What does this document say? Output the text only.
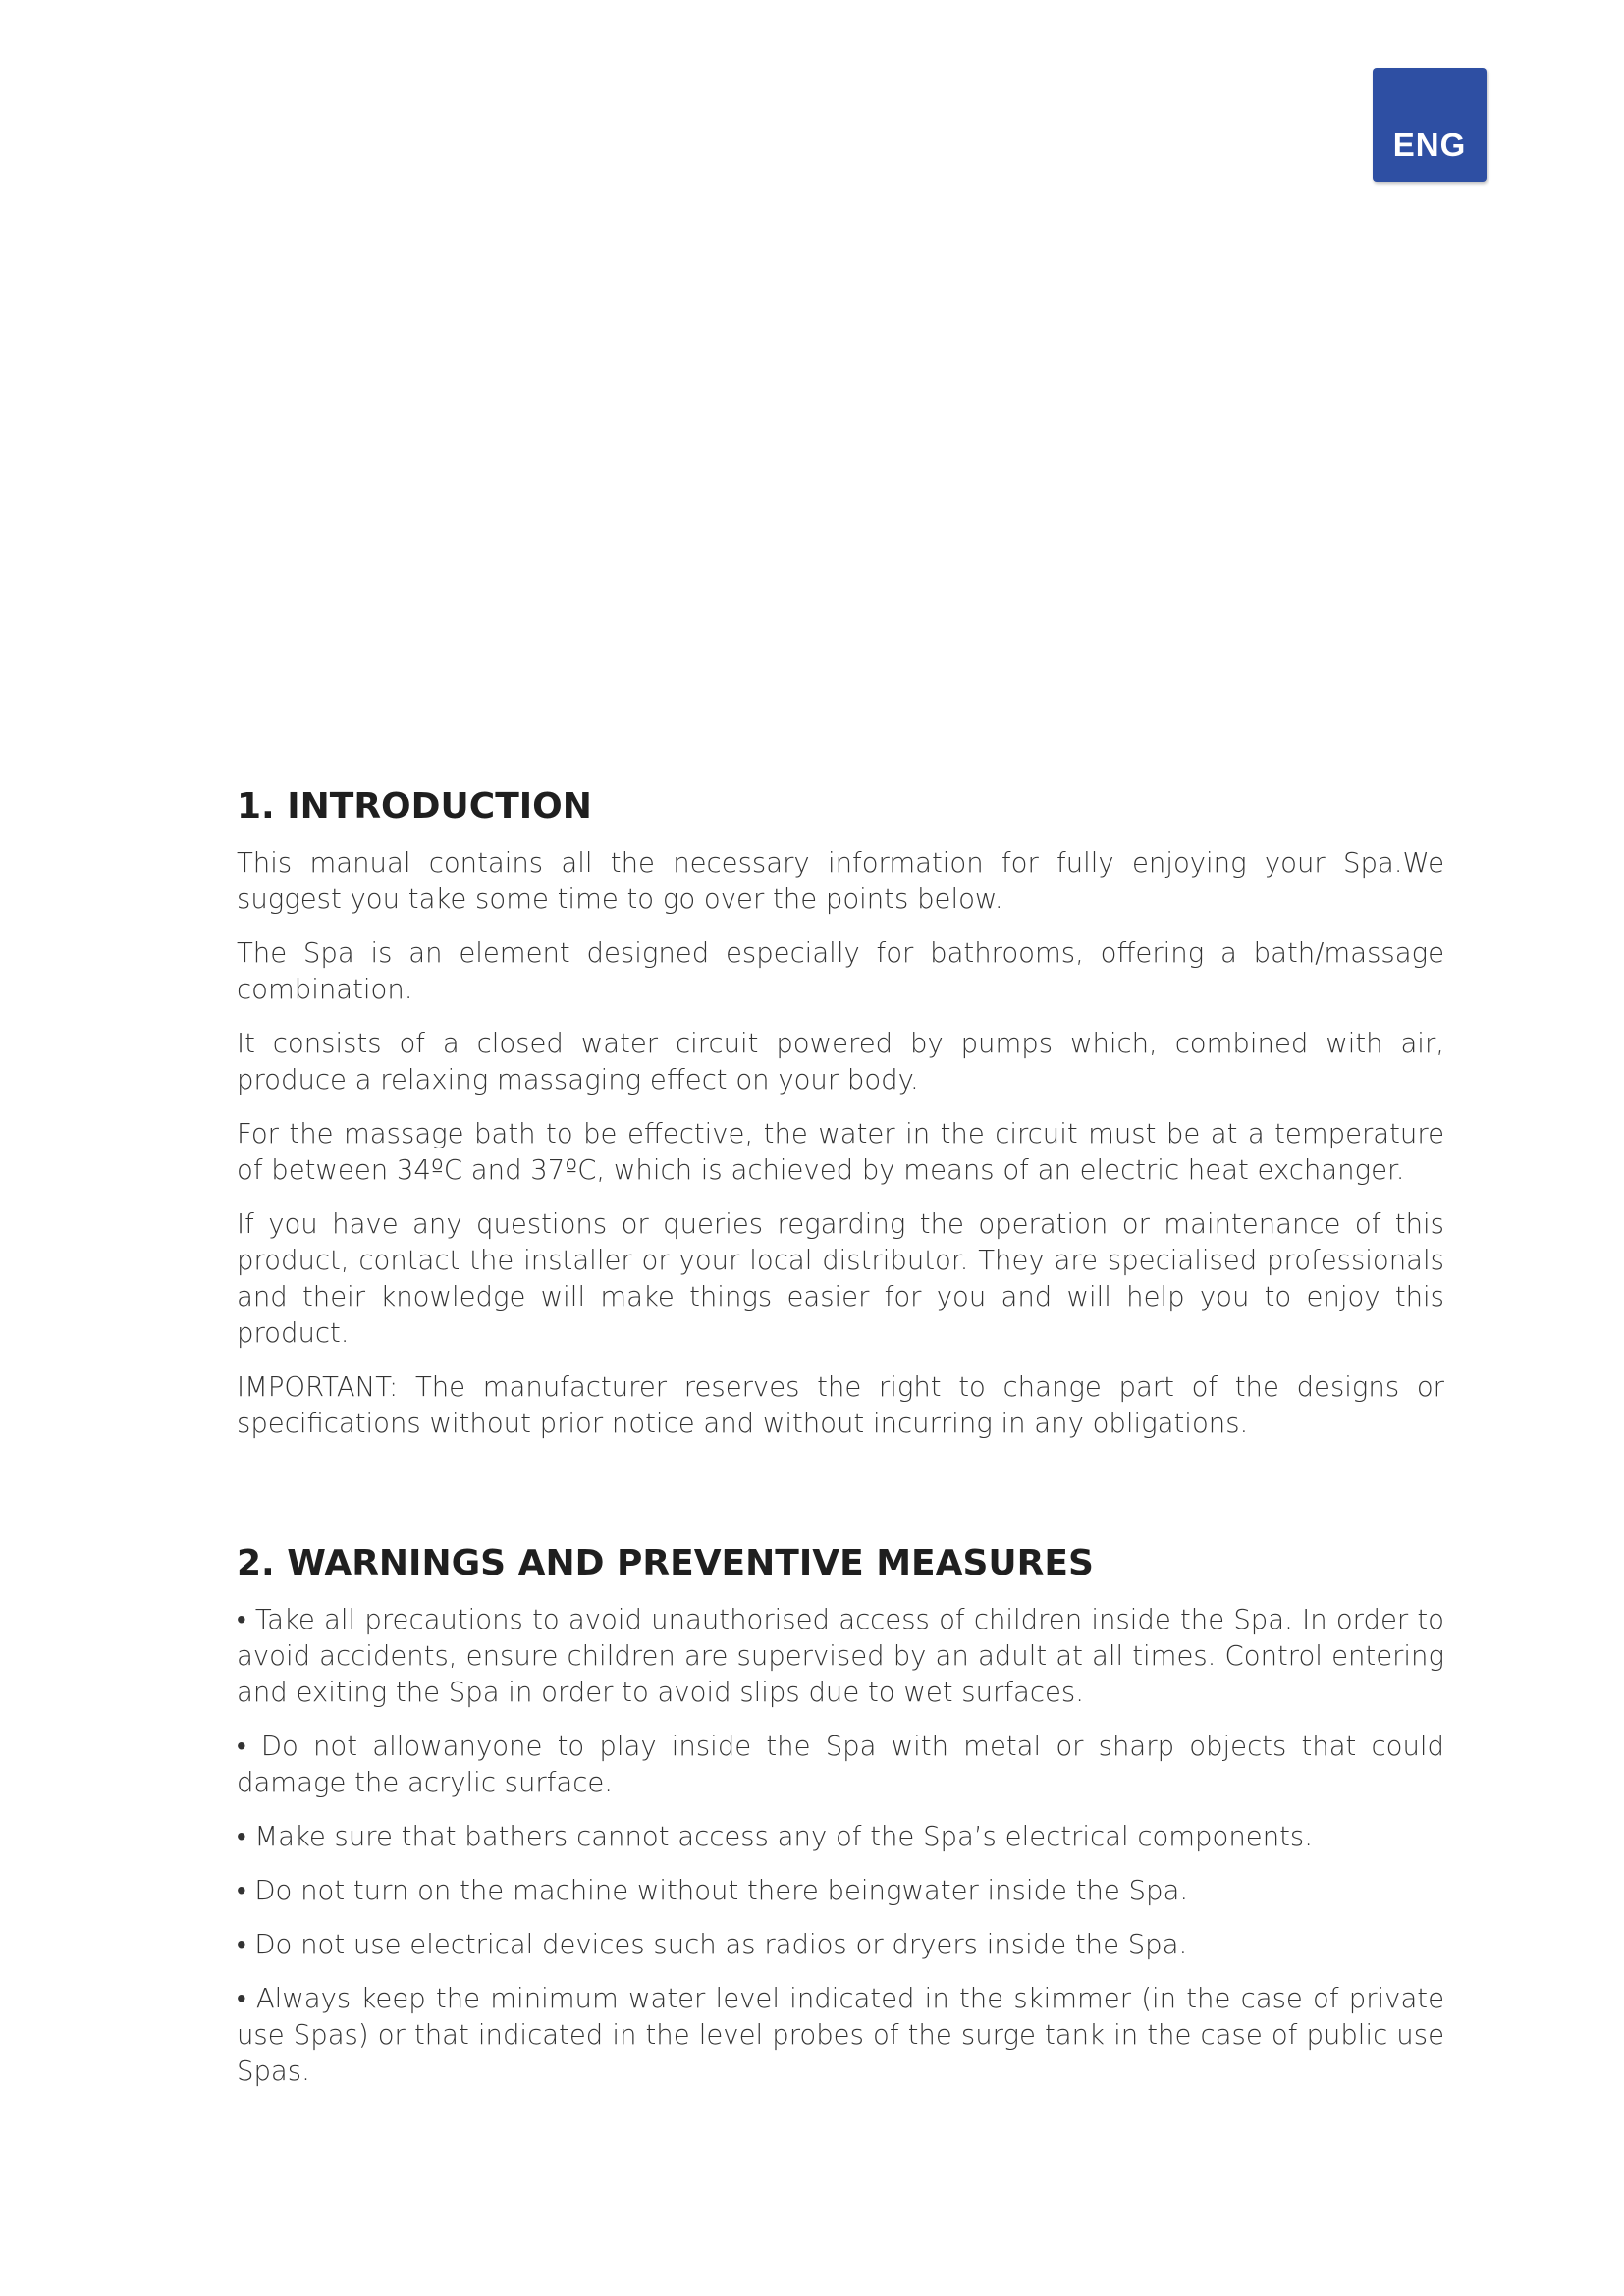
ENG
1. INTRODUCTION

This manual contains all the necessary information for fully enjoying your Spa.We suggest you take some time to go over the points below.

The Spa is an element designed especially for bathrooms, offering a bath/massage combination.

It consists of a closed water circuit powered by pumps which, combined with air, produce a relaxing massaging effect on your body.

For the massage bath to be effective, the water in the circuit must be at a temperature of between 34ºC and 37ºC, which is achieved by means of an electric heat exchanger.

If you have any questions or queries regarding the operation or maintenance of this product, contact the installer or your local distributor. They are specialised professionals and their knowledge will make things easier for you and will help you to enjoy this product.

IMPORTANT: The manufacturer reserves the right to change part of the designs or specifications without prior notice and without incurring in any obligations.

2. WARNINGS AND PREVENTIVE MEASURES

• Take all precautions to avoid unauthorised access of children inside the Spa. In order to avoid accidents, ensure children are supervised by an adult at all times. Control entering and exiting the Spa in order to avoid slips due to wet surfaces.

• Do not allowanyone to play inside the Spa with metal or sharp objects that could damage the acrylic surface.

• Make sure that bathers cannot access any of the Spa’s electrical components.

• Do not turn on the machine without there beingwater inside the Spa.

• Do not use electrical devices such as radios or dryers inside the Spa.

• Always keep the minimum water level indicated in the skimmer (in the case of private use Spas) or that indicated in the level probes of the surge tank in the case of public use Spas.
